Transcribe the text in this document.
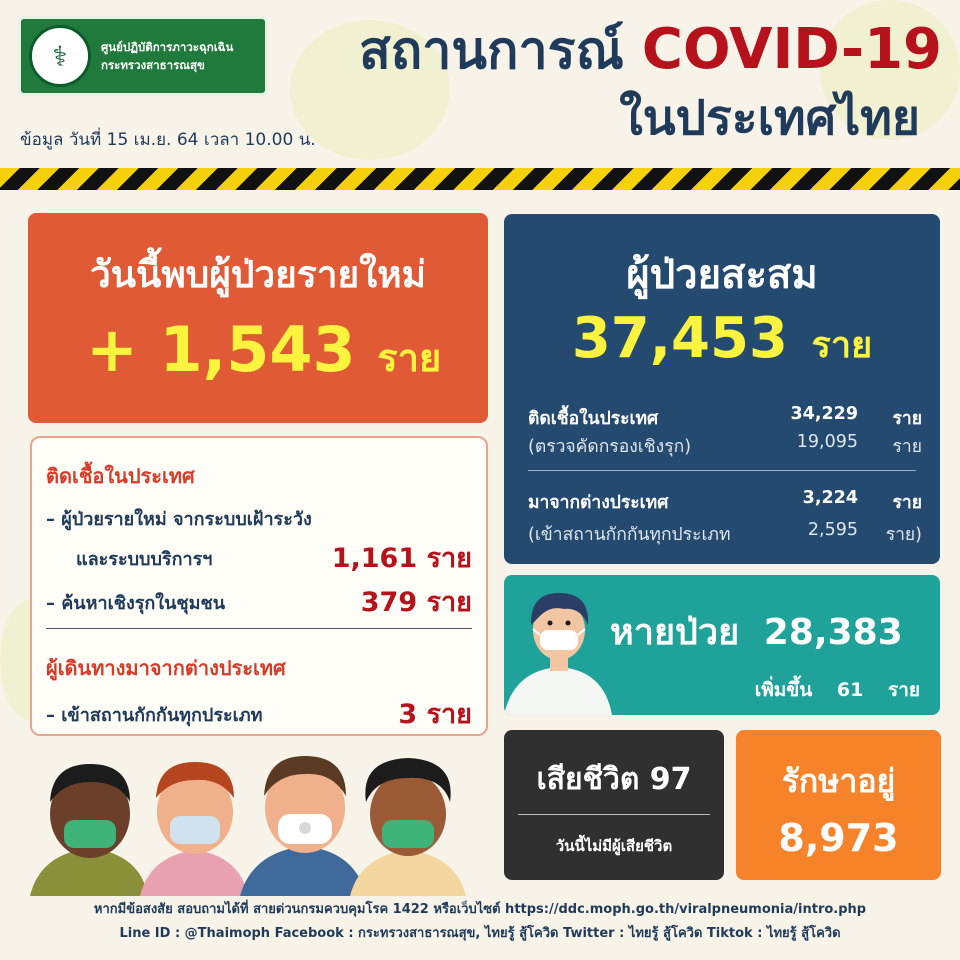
⚕	ศูนย์ปฏิบัติการภาวะฉุกเฉิน
กระทรวงสาธารณสุข	สถานการณ์ COVID-19
ในประเทศไทย
ข้อมูล วันที่ 15 เม.ย. 64 เวลา 10.00 น.
วันนี้พบผู้ป่วยรายใหม่
+ 1,543 ราย
ติดเชื้อในประเทศ
– ผู้ป่วยรายใหม่ จากระบบเฝ้าระวัง
และระบบบริการฯ	1,161 ราย
– ค้นหาเชิงรุกในชุมชน	379 ราย
ผู้เดินทางมาจากต่างประเทศ
– เข้าสถานกักกันทุกประเภท	3 ราย
ผู้ป่วยสะสม
37,453 ราย
ติดเชื้อในประเทศ	34,229 ราย
(ตรวจคัดกรองเชิงรุก)	19,095 ราย
มาจากต่างประเทศ	3,224 ราย
(เข้าสถานกักกันทุกประเภท	2,595 ราย)
หายป่วย 28,383
เพิ่มขึ้น 61 ราย
เสียชีวิต 97
วันนี้ไม่มีผู้เสียชีวิต
รักษาอยู่
8,973
หากมีข้อสงสัย สอบถามได้ที่ สายด่วนกรมควบคุมโรค 1422 หรือเว็บไซต์ https://ddc.moph.go.th/viralpneumonia/intro.php
Line ID : @Thaimoph Facebook : กระทรวงสาธารณสุข, ไทยรู้ สู้โควิด Twitter : ไทยรู้ สู้โควิด Tiktok : ไทยรู้ สู้โควิด
